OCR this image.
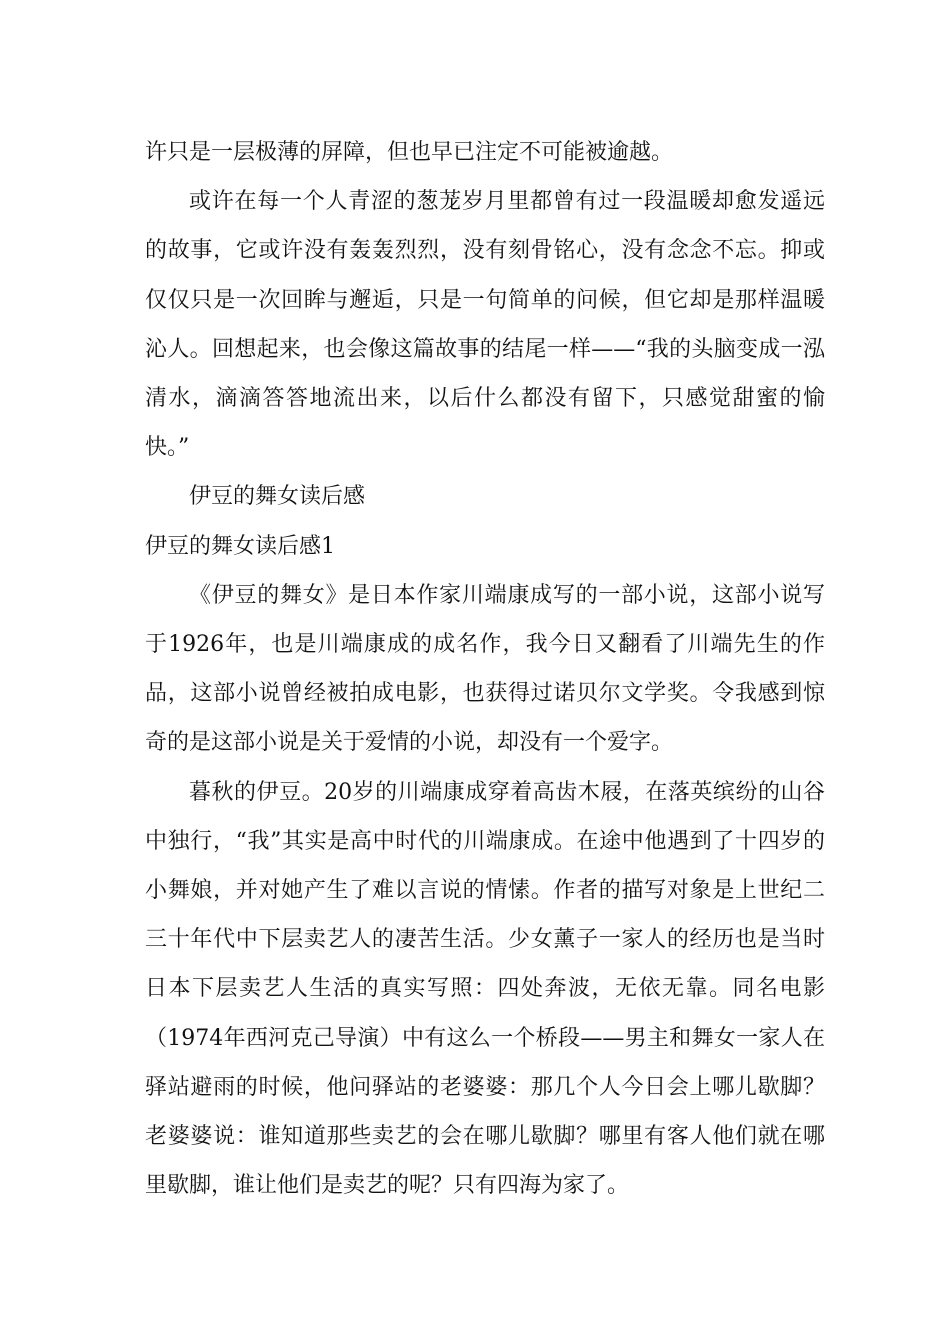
许只是一层极薄的屏障，但也早已注定不可能被逾越。

或许在每一个人青涩的葱茏岁月里都曾有过一段温暖却愈发遥远的故事，它或许没有轰轰烈烈，没有刻骨铭心，没有念念不忘。抑或仅仅只是一次回眸与邂逅，只是一句简单的问候，但它却是那样温暖沁人。回想起来，也会像这篇故事的结尾一样——“我的头脑变成一泓清水，滴滴答答地流出来，以后什么都没有留下，只感觉甜蜜的愉快。”

伊豆的舞女读后感

伊豆的舞女读后感1

《伊豆的舞女》是日本作家川端康成写的一部小说，这部小说写于1926年，也是川端康成的成名作，我今日又翻看了川端先生的作品，这部小说曾经被拍成电影，也获得过诺贝尔文学奖。令我感到惊奇的是这部小说是关于爱情的小说，却没有一个爱字。

暮秋的伊豆。20岁的川端康成穿着高齿木屐，在落英缤纷的山谷中独行，“我”其实是高中时代的川端康成。在途中他遇到了十四岁的小舞娘，并对她产生了难以言说的情愫。作者的描写对象是上世纪二三十年代中下层卖艺人的凄苦生活。少女薰子一家人的经历也是当时日本下层卖艺人生活的真实写照：四处奔波，无依无靠。同名电影（1974年西河克己导演）中有这么一个桥段——男主和舞女一家人在驿站避雨的时候，他问驿站的老婆婆：那几个人今日会上哪儿歇脚？老婆婆说：谁知道那些卖艺的会在哪儿歇脚？哪里有客人他们就在哪里歇脚，谁让他们是卖艺的呢？只有四海为家了。
